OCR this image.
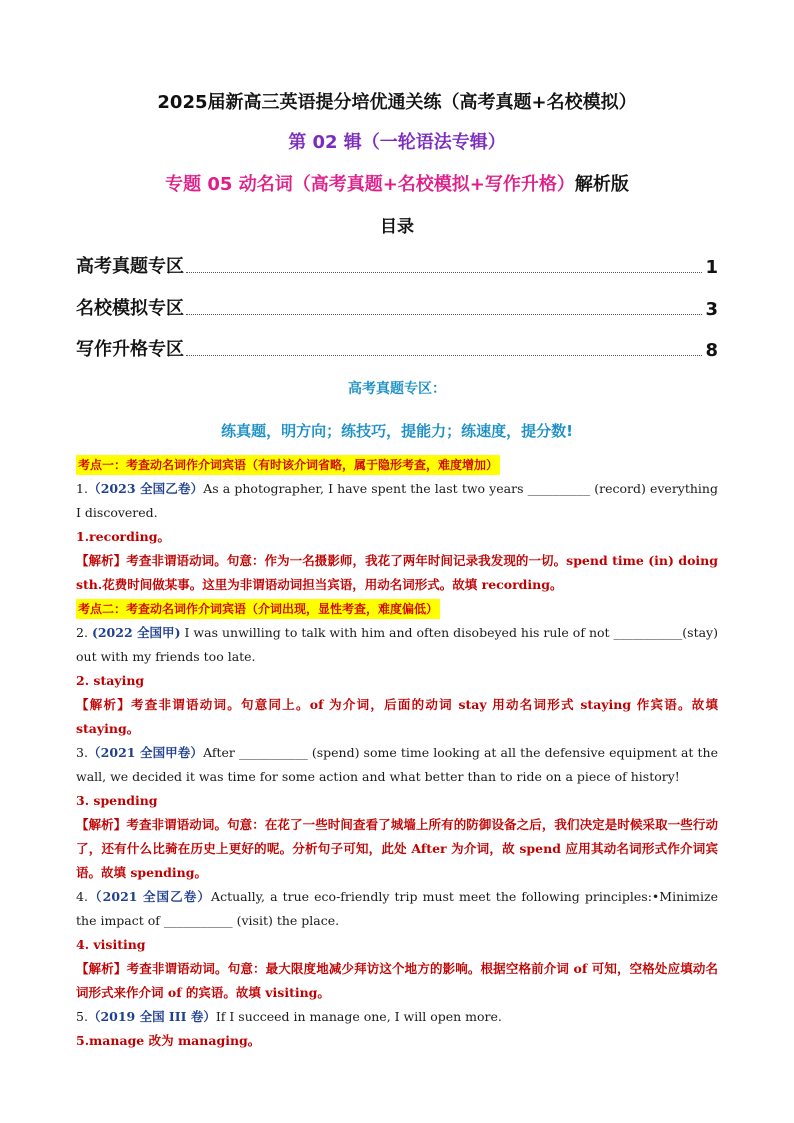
2025届新高三英语提分培优通关练（高考真题+名校模拟）
第 02 辑（一轮语法专辑）
专题 05 动名词（高考真题+名校模拟+写作升格）解析版
目录
高考真题专区	1
名校模拟专区	3
写作升格专区	8
高考真题专区：
练真题，明方向；练技巧，提能力；练速度，提分数!
考点一：考查动名词作介词宾语（有时该介词省略，属于隐形考查，难度增加）

1.（2023 全国乙卷）As a photographer, I have spent the last two years __________ (record) everything I discovered.

1.recording。

【解析】考查非谓语动词。句意：作为一名摄影师，我花了两年时间记录我发现的一切。spend time (in) doing sth.花费时间做某事。这里为非谓语动词担当宾语，用动名词形式。故填 recording。

考点二：考查动名词作介词宾语（介词出现，显性考查，难度偏低）

2. (2022 全国甲) I was unwilling to talk with him and often disobeyed his rule of not ___________(stay) out with my friends too late.

2. staying

【解析】考查非谓语动词。句意同上。of 为介词，后面的动词 stay 用动名词形式 staying 作宾语。故填 staying。

3.（2021 全国甲卷）After ___________ (spend) some time looking at all the defensive equipment at the wall, we decided it was time for some action and what better than to ride on a piece of history!

3. spending

【解析】考查非谓语动词。句意：在花了一些时间查看了城墙上所有的防御设备之后，我们决定是时候采取一些行动了，还有什么比骑在历史上更好的呢。分析句子可知，此处 After 为介词，故 spend 应用其动名词形式作介词宾语。故填 spending。

4.（2021 全国乙卷）Actually, a true eco-friendly trip must meet the following principles:•Minimize the impact of ___________ (visit) the place.

4. visiting

【解析】考查非谓语动词。句意：最大限度地减少拜访这个地方的影响。根据空格前介词 of 可知，空格处应填动名词形式来作介词 of 的宾语。故填 visiting。

5.（2019 全国 III 卷）If I succeed in manage one, I will open more.

5.manage 改为 managing。
